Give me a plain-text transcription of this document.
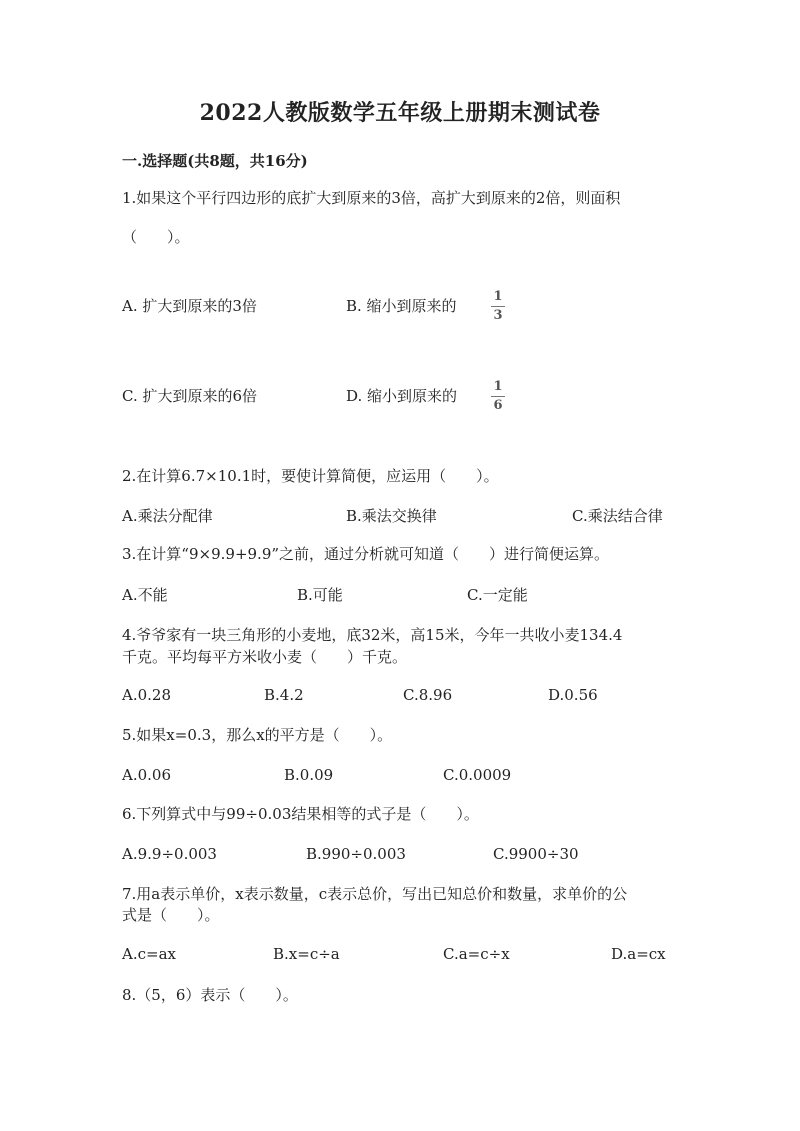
2022人教版数学五年级上册期末测试卷
一.选择题(共8题，共16分)
1.如果这个平行四边形的底扩大到原来的3倍，高扩大到原来的2倍，则面积
（　　）。
A. 扩大到原来的3倍	B. 缩小到原来的
1
3
C. 扩大到原来的6倍	D. 缩小到原来的
1
6
2.在计算6.7×10.1时，要使计算简便，应运用（　　）。
A.乘法分配律	B.乘法交换律	C.乘法结合律
3.在计算“9×9.9+9.9”之前，通过分析就可知道（　　）进行简便运算。
A.不能	B.可能	C.一定能
4.爷爷家有一块三角形的小麦地，底32米，高15米，今年一共收小麦134.4
千克。平均每平方米收小麦（　　）千克。
A.0.28	B.4.2	C.8.96	D.0.56
5.如果x=0.3，那么x的平方是（　　）。
A.0.06	B.0.09	C.0.0009
6.下列算式中与99÷0.03结果相等的式子是（　　）。
A.9.9÷0.003	B.990÷0.003	C.9900÷30
7.用a表示单价，x表示数量，c表示总价，写出已知总价和数量，求单价的公
式是（　　）。
A.c=ax	B.x=c÷a	C.a=c÷x	D.a=cx
8.（5，6）表示（　　）。
